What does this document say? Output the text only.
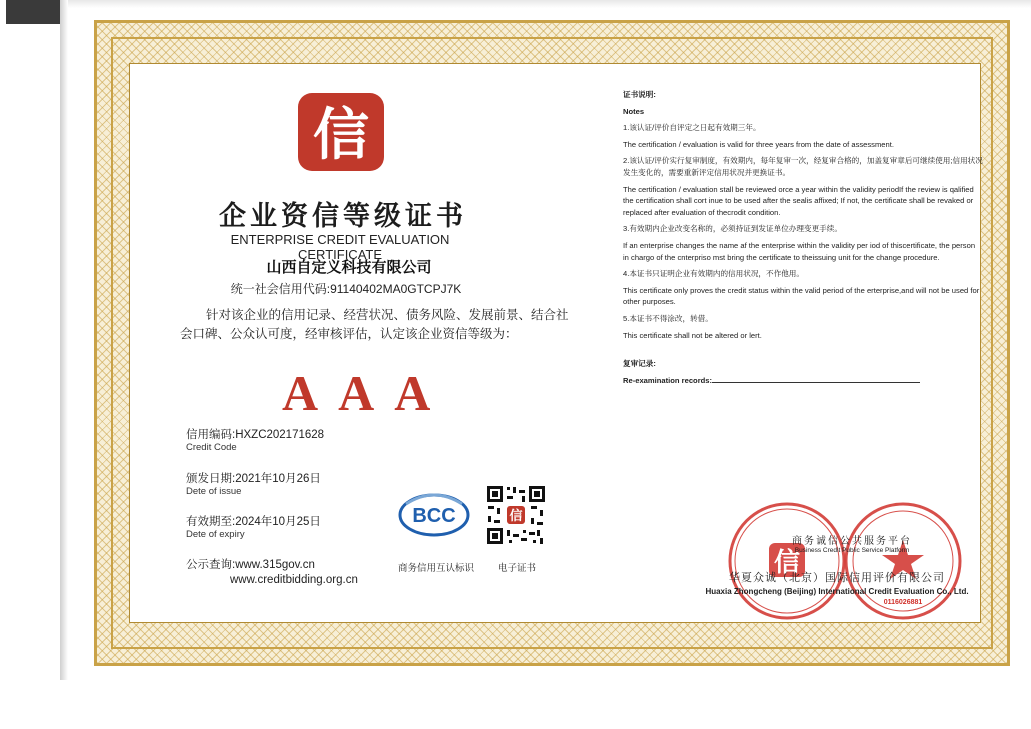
信
企业资信等级证书
ENTERPRISE CREDIT EVALUATION CERTIFICATE
山西自定义科技有限公司
统一社会信用代码:91140402MA0GTCPJ7K
针对该企业的信用记录、经营状况、债务风险、发展前景、结合社会口碑、公众认可度，经审核评估，认定该企业资信等级为：
AAA
信用编码:HXZC202171628
Credit Code
颁发日期:2021年10月26日
Dete of issue
有效期至:2024年10月25日
Dete of expiry
公示查询:www.315gov.cn
www.creditbidding.org.cn
BCC
商务信用互认标识
信
电子证书

证书说明:

Notes

1.该认证/评价自评定之日起有效期三年。

The certification / evaluation is valid for three years from the date of assessment.

2.该认证/评价实行复审制度，有效期内，每年复审一次，经复审合格的，加盖复审章后可继续使用;信用状况发生变化的，需要重新评定信用状况并更换证书。

The certification / evaluation stall be reviewed orce a year within the validity periodIf the review is qalified the certification shall cort inue to be used after the sealis affixed; If not, the certificate shall be revaked or replaced after evaluation of thecrodit condition.

3.有效期内企业改变名称的，必须持证到发证单位办理变更手续。

If an enterprise changes the name af the enterprise within the validity per iod of thiscertificate, the person in chargo of the cnterpriso mst bring the certificate to theissuing unit for the change procedure.

4.本证书只证明企业有效期内的信用状况，不作他用。

This certificate only proves the credit status within the valid period of the erterprise,and will not be used for other purposes.

5.本证书不得涂改，转借。

This certificate shall not be altered or lert.

复审记录:

Re-examination records:

信
0116026881
商务诚信公共服务平台
Business Credit Public Service Platform
华夏众诚（北京）国际信用评价有限公司
Huaxia Zhongcheng (Beijing) International Credit Evaluation Co., Ltd.
